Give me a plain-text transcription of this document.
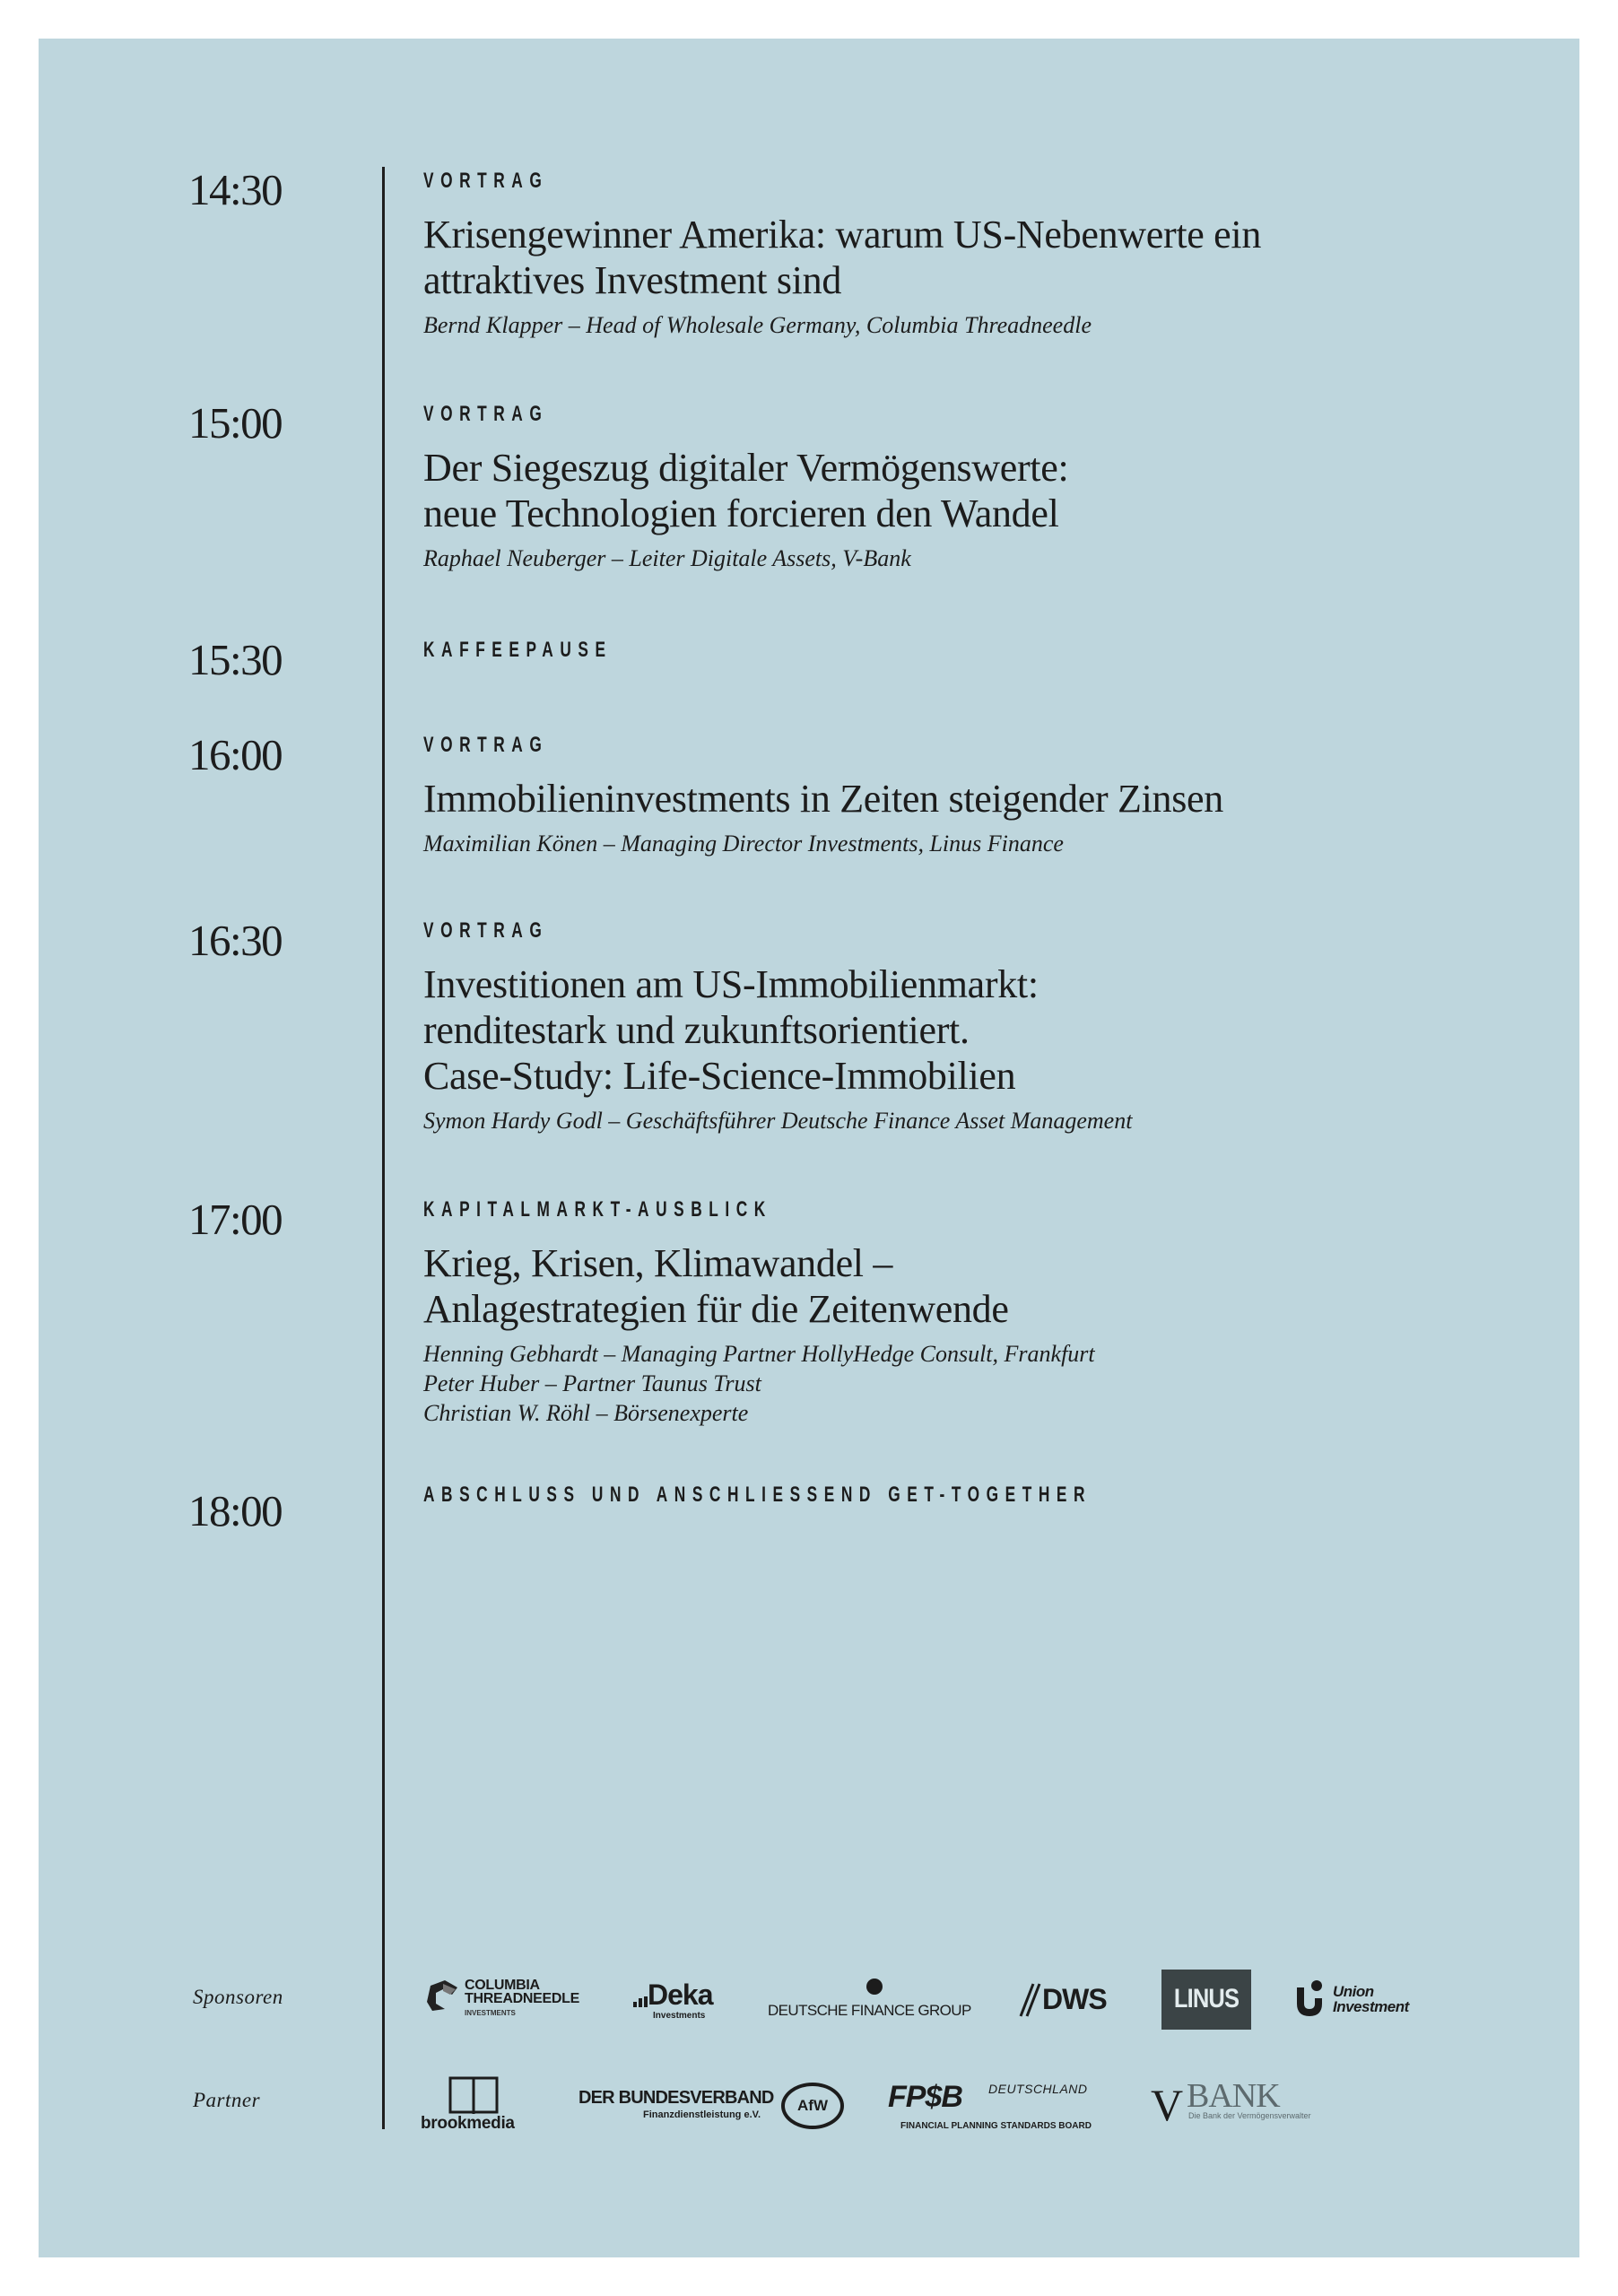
14:30	VORTRAG
Krisengewinner Amerika: warum US-Nebenwerte ein
attraktives Investment sind
Bernd Klapper – Head of Wholesale Germany, Columbia Threadneedle
15:00	VORTRAG
Der Siegeszug digitaler Vermögenswerte:
neue Technologien forcieren den Wandel
Raphael Neuberger – Leiter Digitale Assets, V-Bank
15:30	KAFFEEPAUSE
16:00	VORTRAG
Immobilieninvestments in Zeiten steigender Zinsen
Maximilian Könen – Managing Director Investments, Linus Finance
16:30	VORTRAG
Investitionen am US-Immobilienmarkt:
renditestark und zukunftsorientiert.
Case-Study: Life-Science-Immobilien
Symon Hardy Godl – Geschäftsführer Deutsche Finance Asset Management
17:00	KAPITALMARKT-AUSBLICK
Krieg, Krisen, Klimawandel –
Anlagestrategien für die Zeitenwende
Henning Gebhardt – Managing Partner HollyHedge Consult, Frankfurt
Peter Huber – Partner Taunus Trust
Christian W. Röhl – Börsenexperte
18:00	ABSCHLUSS UND ANSCHLIESSEND GET-TOGETHER
Sponsoren
Partner
COLUMBIA
THREADNEEDLE
INVESTMENTS
Deka
Investments	DEUTSCHE FINANCE GROUP DWS	LINUS	Union
Investment
brookmedia
DER BUNDESVERBAND
Finanzdienstleistung e.V.
AfW	FP$B DEUTSCHLAND
FINANCIAL PLANNING STANDARDS BOARD V BANK
Die Bank der Vermögensverwalter
